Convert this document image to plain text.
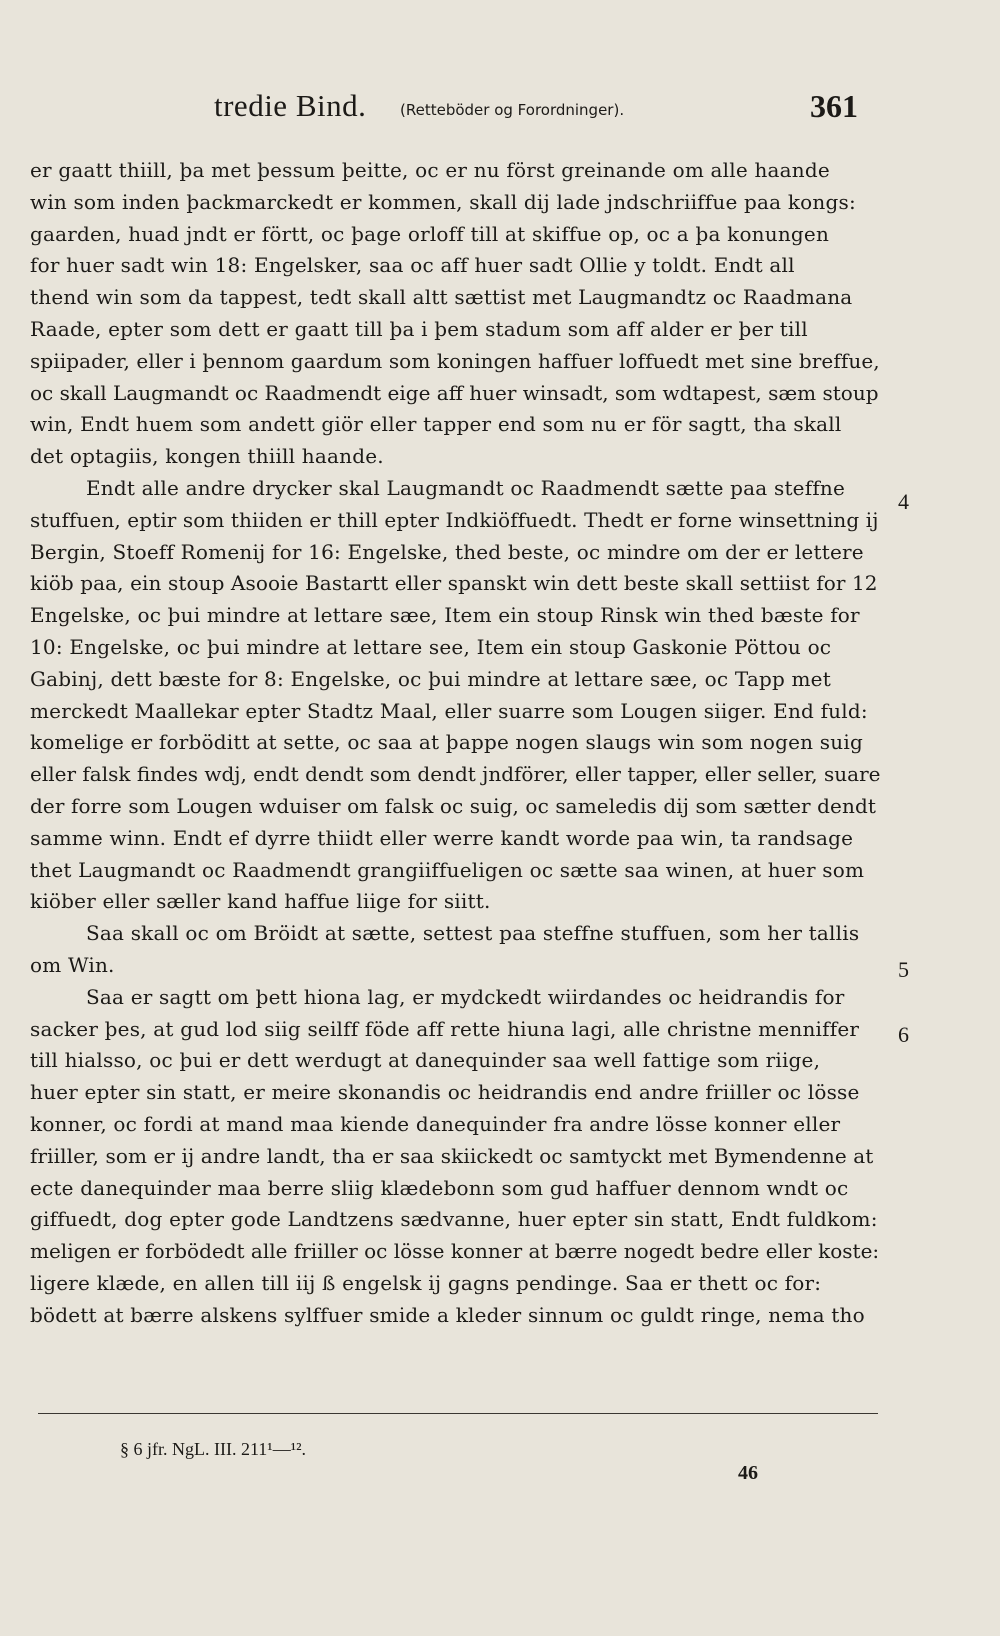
tredie Bind. (Retteböder og Forordninger).	361
er gaatt thiill, þa met þessum þeitte, oc er nu först greinande om alle haande
win som inden þackmarckedt er kommen, skall dij lade jndschriiffue paa kongs:
gaarden, huad jndt er förtt, oc þage orloff till at skiffue op, oc a þa konungen
for huer sadt win 18: Engelsker, saa oc aff huer sadt Ollie y toldt. Endt all
thend win som da tappest, tedt skall altt sættist met Laugmandtz oc Raadmana
Raade, epter som dett er gaatt till þa i þem stadum som aff alder er þer till
spiipader, eller i þennom gaardum som koningen haffuer loffuedt met sine breffue,
oc skall Laugmandt oc Raadmendt eige aff huer winsadt, som wdtapest, sæm stoup
win, Endt huem som andett giör eller tapper end som nu er för sagtt, tha skall
det optagiis, kongen thiill haande.
Endt alle andre drycker skal Laugmandt oc Raadmendt sætte paa steffne
stuffuen, eptir som thiiden er thill epter Indkiöffuedt. Thedt er forne winsettning ij
Bergin, Stoeff Romenij for 16: Engelske, thed beste, oc mindre om der er lettere
kiöb paa, ein stoup Asooie Bastartt eller spanskt win dett beste skall settiist for 12
Engelske, oc þui mindre at lettare sæe, Item ein stoup Rinsk win thed bæste for
10: Engelske, oc þui mindre at lettare see, Item ein stoup Gaskonie Pöttou oc
Gabinj, dett bæste for 8: Engelske, oc þui mindre at lettare sæe, oc Tapp met
merckedt Maallekar epter Stadtz Maal, eller suarre som Lougen siiger. End fuld:
komelige er forböditt at sette, oc saa at þappe nogen slaugs win som nogen suig
eller falsk findes wdj, endt dendt som dendt jndförer, eller tapper, eller seller, suare
der forre som Lougen wduiser om falsk oc suig, oc sameledis dij som sætter dendt
samme winn. Endt ef dyrre thiidt eller werre kandt worde paa win, ta randsage
thet Laugmandt oc Raadmendt grangiiffueligen oc sætte saa winen, at huer som
kiöber eller sæller kand haffue liige for siitt.
Saa skall oc om Bröidt at sætte, settest paa steffne stuffuen, som her tallis
om Win.
Saa er sagtt om þett hiona lag, er mydckedt wiirdandes oc heidrandis for
sacker þes, at gud lod siig seilff föde aff rette hiuna lagi, alle christne menniffer
till hialsso, oc þui er dett werdugt at danequinder saa well fattige som riige,
huer epter sin statt, er meire skonandis oc heidrandis end andre friiller oc lösse
konner, oc fordi at mand maa kiende danequinder fra andre lösse konner eller
friiller, som er ij andre landt, tha er saa skiickedt oc samtyckt met Bymendenne at
ecte danequinder maa berre sliig klædebonn som gud haffuer dennom wndt oc
giffuedt, dog epter gode Landtzens sædvanne, huer epter sin statt, Endt fuldkom:
meligen er forbödedt alle friiller oc lösse konner at bærre nogedt bedre eller koste:
ligere klæde, en allen till iij ß engelsk ij gagns pendinge. Saa er thett oc for:
bödett at bærre alskens sylffuer smide a kleder sinnum oc guldt ringe, nema tho
4
5
6
§ 6 jfr. NgL. III. 211¹—¹².
46
